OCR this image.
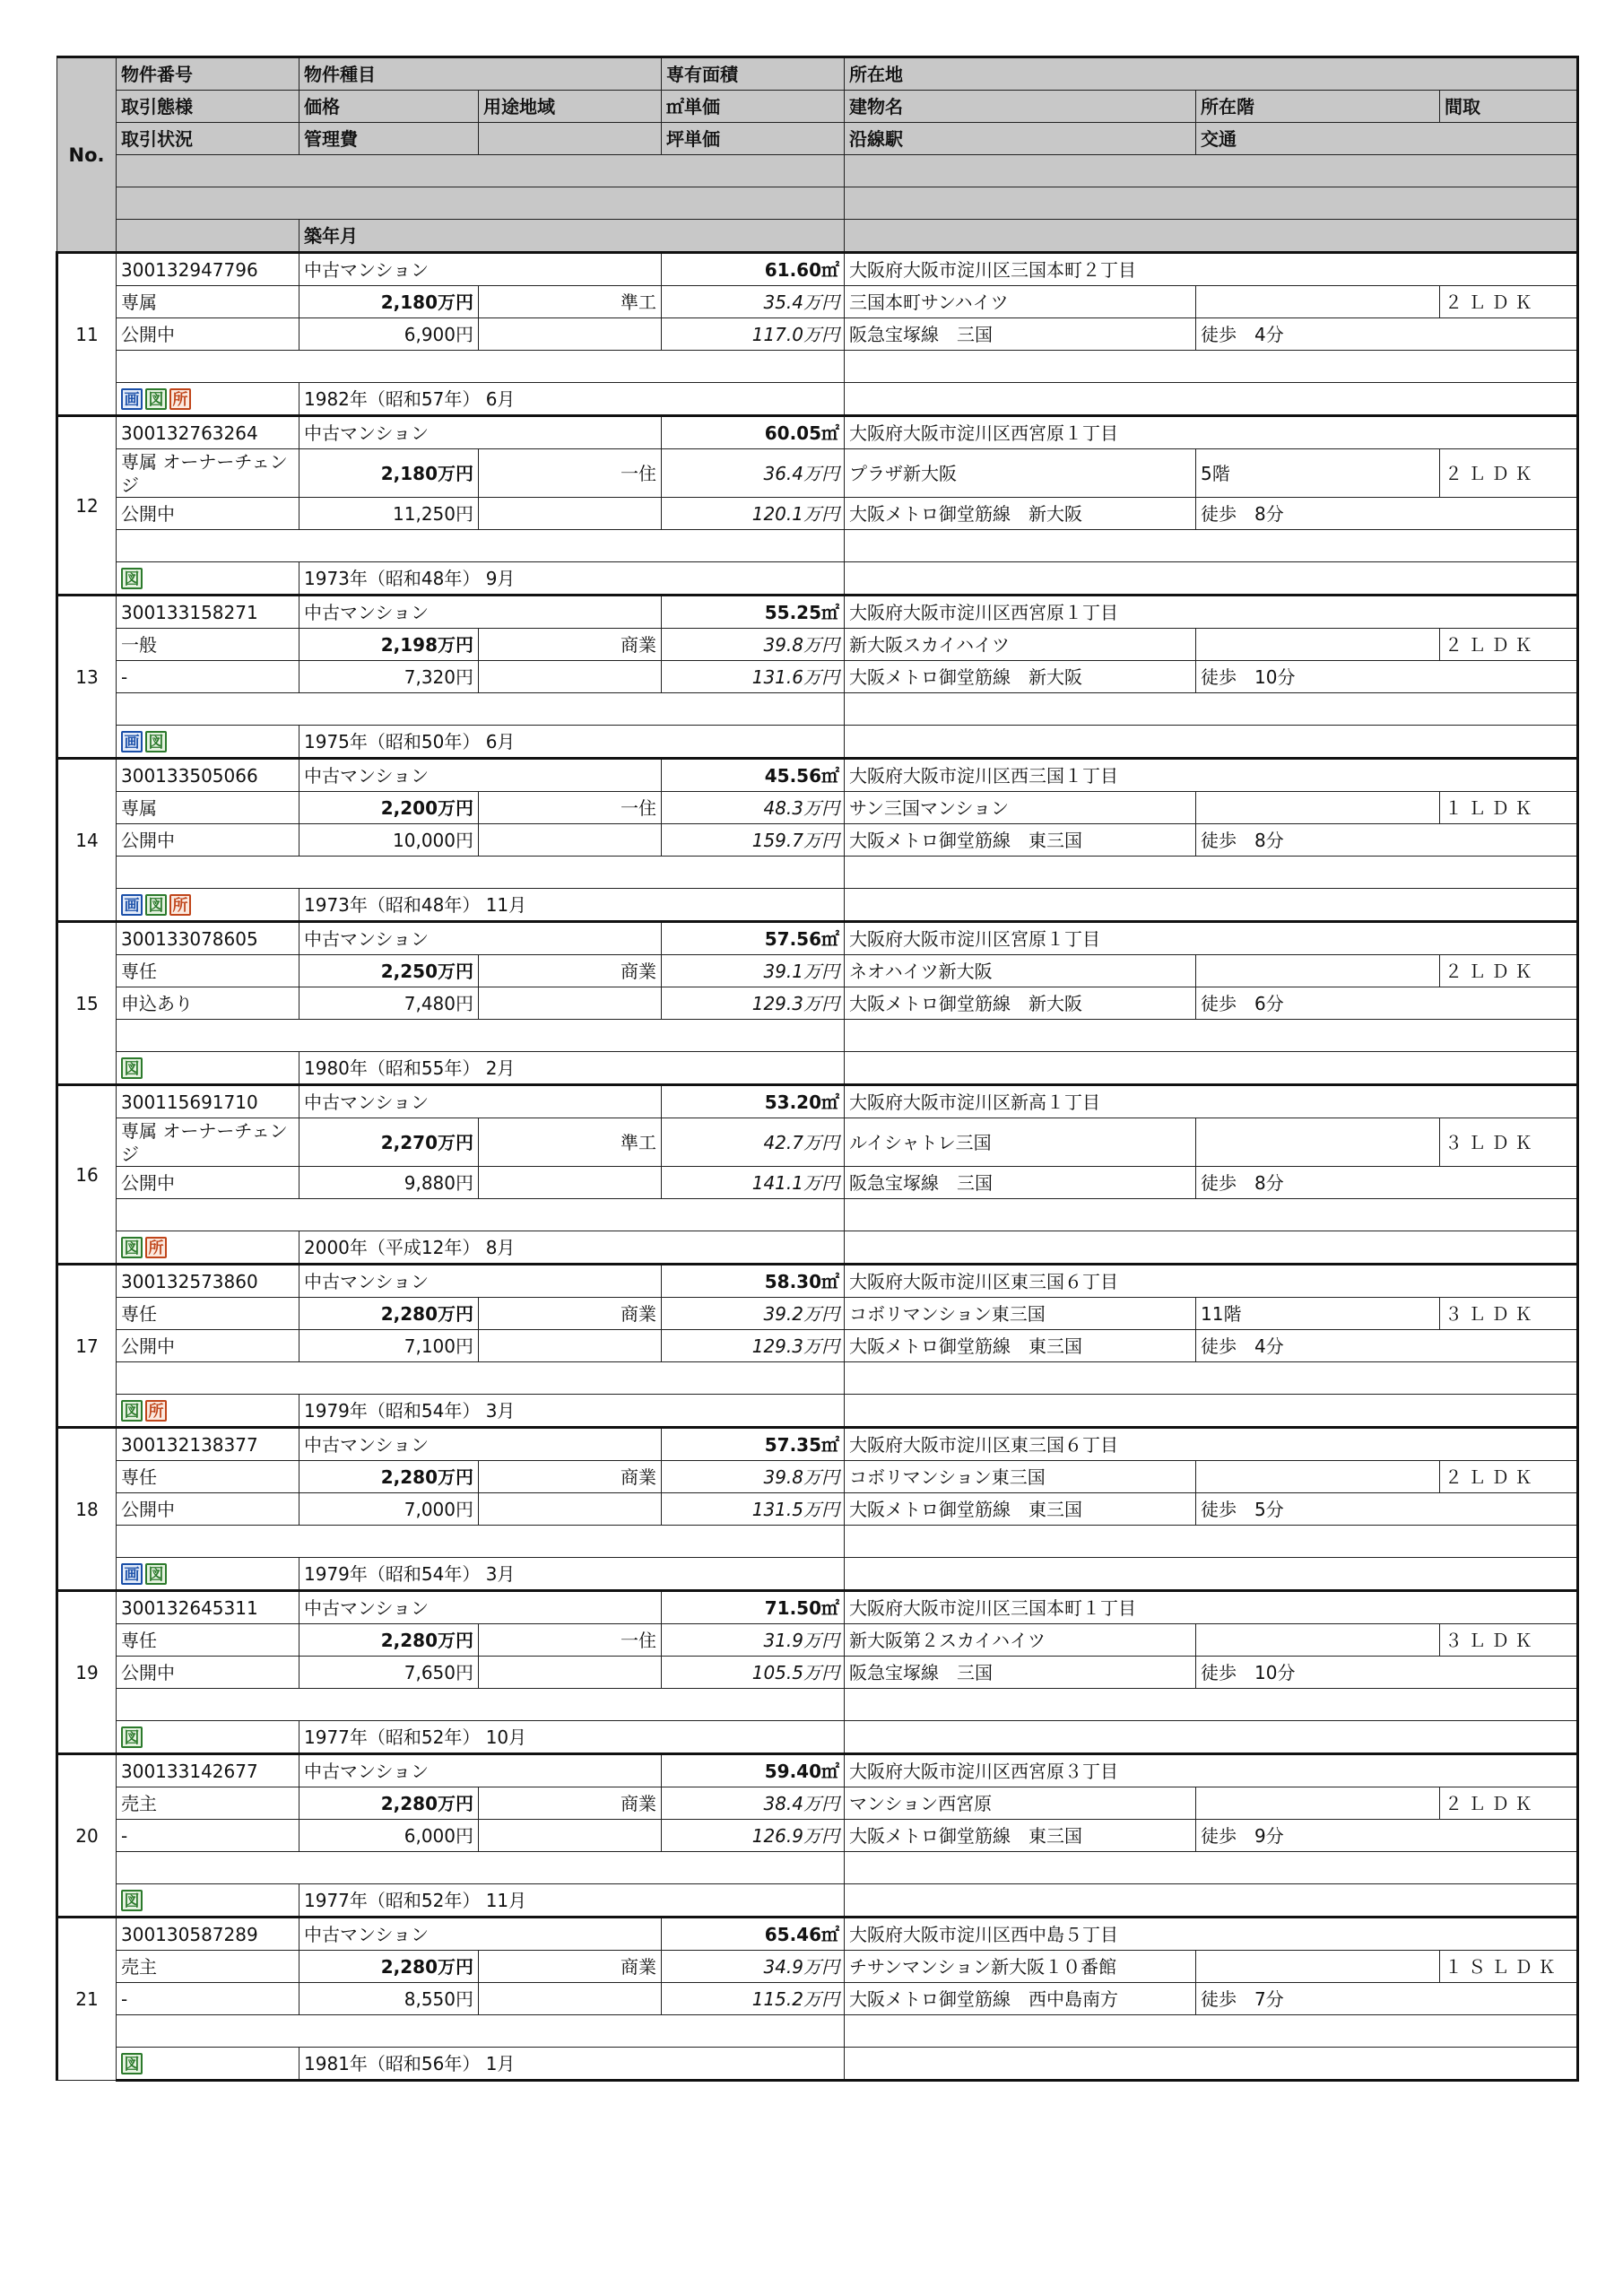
No.	物件番号	物件種目		専有面積	所在地		
	取引態様	価格	用途地域	㎡単価	建物名	所在階	間取
	取引状況	管理費		坪単価	沿線駅	交通	

		築年月					
11	300132947796	中古マンション		61.60㎡	大阪府大阪市淀川区三国本町２丁目		
	専属	2,180万円	準工	35.4万円	三国本町サンハイツ		２ＬＤＫ
	公開中	6,900円		117.0万円	阪急宝塚線　三国	徒歩　4分	

	画 図 所	1982年（昭和57年） 6月					
12	300132763264	中古マンション		60.05㎡	大阪府大阪市淀川区西宮原１丁目		
	専属 オーナーチェンジ	2,180万円	一住	36.4万円	プラザ新大阪	5階	２ＬＤＫ
	公開中	11,250円		120.1万円	大阪メトロ御堂筋線　新大阪	徒歩　8分	

	図	1973年（昭和48年） 9月					
13	300133158271	中古マンション		55.25㎡	大阪府大阪市淀川区西宮原１丁目		
	一般	2,198万円	商業	39.8万円	新大阪スカイハイツ		２ＬＤＫ
	-	7,320円		131.6万円	大阪メトロ御堂筋線　新大阪	徒歩　10分	

	画 図	1975年（昭和50年） 6月					
14	300133505066	中古マンション		45.56㎡	大阪府大阪市淀川区西三国１丁目		
	専属	2,200万円	一住	48.3万円	サン三国マンション		１ＬＤＫ
	公開中	10,000円		159.7万円	大阪メトロ御堂筋線　東三国	徒歩　8分	

	画 図 所	1973年（昭和48年） 11月					
15	300133078605	中古マンション		57.56㎡	大阪府大阪市淀川区宮原１丁目		
	専任	2,250万円	商業	39.1万円	ネオハイツ新大阪		２ＬＤＫ
	申込あり	7,480円		129.3万円	大阪メトロ御堂筋線　新大阪	徒歩　6分	

	図	1980年（昭和55年） 2月					
16	300115691710	中古マンション		53.20㎡	大阪府大阪市淀川区新高１丁目		
	専属 オーナーチェンジ	2,270万円	準工	42.7万円	ルイシャトレ三国		３ＬＤＫ
	公開中	9,880円		141.1万円	阪急宝塚線　三国	徒歩　8分	

	図 所	2000年（平成12年） 8月					
17	300132573860	中古マンション		58.30㎡	大阪府大阪市淀川区東三国６丁目		
	専任	2,280万円	商業	39.2万円	コボリマンション東三国	11階	３ＬＤＫ
	公開中	7,100円		129.3万円	大阪メトロ御堂筋線　東三国	徒歩　4分	

	図 所	1979年（昭和54年） 3月					
18	300132138377	中古マンション		57.35㎡	大阪府大阪市淀川区東三国６丁目		
	専任	2,280万円	商業	39.8万円	コボリマンション東三国		２ＬＤＫ
	公開中	7,000円		131.5万円	大阪メトロ御堂筋線　東三国	徒歩　5分	

	画 図	1979年（昭和54年） 3月					
19	300132645311	中古マンション		71.50㎡	大阪府大阪市淀川区三国本町１丁目		
	専任	2,280万円	一住	31.9万円	新大阪第２スカイハイツ		３ＬＤＫ
	公開中	7,650円		105.5万円	阪急宝塚線　三国	徒歩　10分	

	図	1977年（昭和52年） 10月					
20	300133142677	中古マンション		59.40㎡	大阪府大阪市淀川区西宮原３丁目		
	売主	2,280万円	商業	38.4万円	マンション西宮原		２ＬＤＫ
	-	6,000円		126.9万円	大阪メトロ御堂筋線　東三国	徒歩　9分	

	図	1977年（昭和52年） 11月					
21	300130587289	中古マンション		65.46㎡	大阪府大阪市淀川区西中島５丁目		
	売主	2,280万円	商業	34.9万円	チサンマンション新大阪１０番館		１ＳＬＤＫ
	-	8,550円		115.2万円	大阪メトロ御堂筋線　西中島南方	徒歩　7分	

	図	1981年（昭和56年） 1月					
